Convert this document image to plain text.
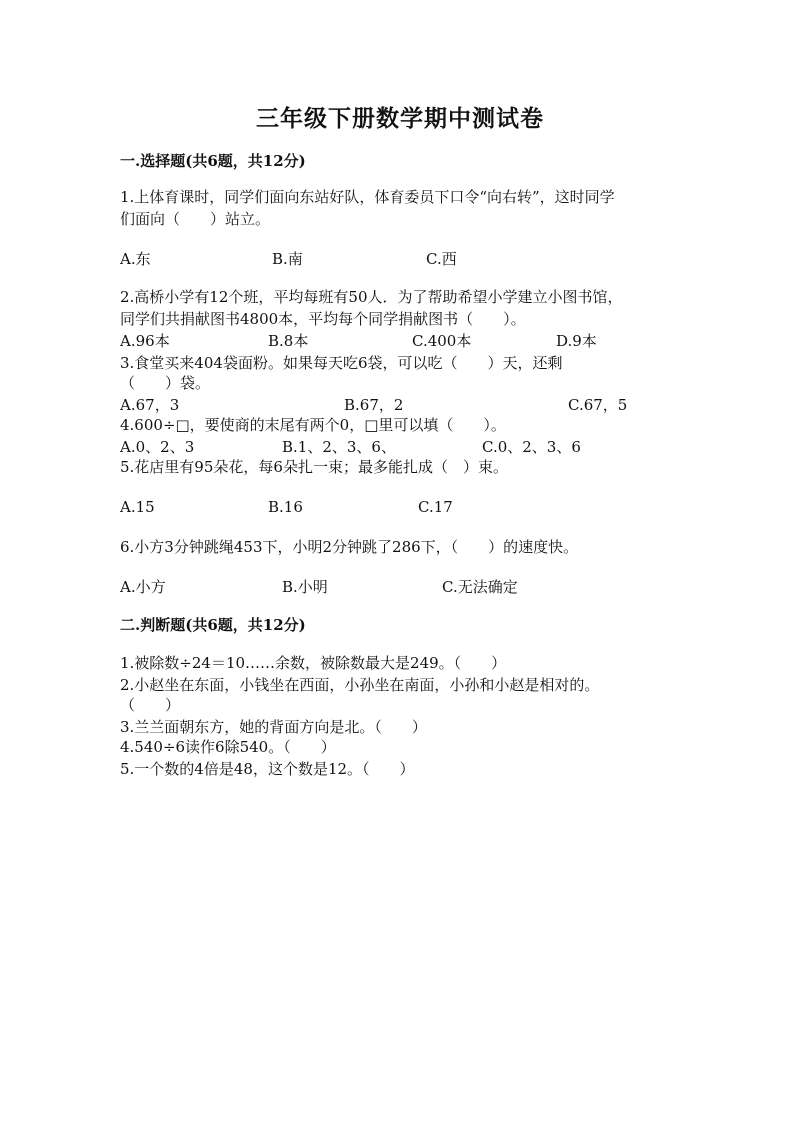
三年级下册数学期中测试卷
一.选择题(共6题，共12分)
1.上体育课时，同学们面向东站好队，体育委员下口令“向右转”，这时同学
们面向（　　）站立。
A.东	B.南	C.西
2.高桥小学有12个班，平均每班有50人．为了帮助希望小学建立小图书馆，
同学们共捐献图书4800本，平均每个同学捐献图书（　　）。
A.96本	B.8本	C.400本	D.9本
3.食堂买来404袋面粉。如果每天吃6袋，可以吃（　　）天，还剩
（　　）袋。
A.67，3	B.67，2	C.67，5
4.600÷□，要使商的末尾有两个0，□里可以填（　　）。
A.0、2、3	B.1、2、3、6、	C.0、2、3、6
5.花店里有95朵花，每6朵扎一束；最多能扎成（　）束。
A.15	B.16	C.17
6.小方3分钟跳绳453下，小明2分钟跳了286下，（　　）的速度快。
A.小方	B.小明	C.无法确定
二.判断题(共6题，共12分)
1.被除数÷24＝10……余数，被除数最大是249。（　　）
2.小赵坐在东面，小钱坐在西面，小孙坐在南面，小孙和小赵是相对的。
（　　）
3.兰兰面朝东方，她的背面方向是北。（　　）
4.540÷6读作6除540。（　　）
5.一个数的4倍是48，这个数是12。（　　）
